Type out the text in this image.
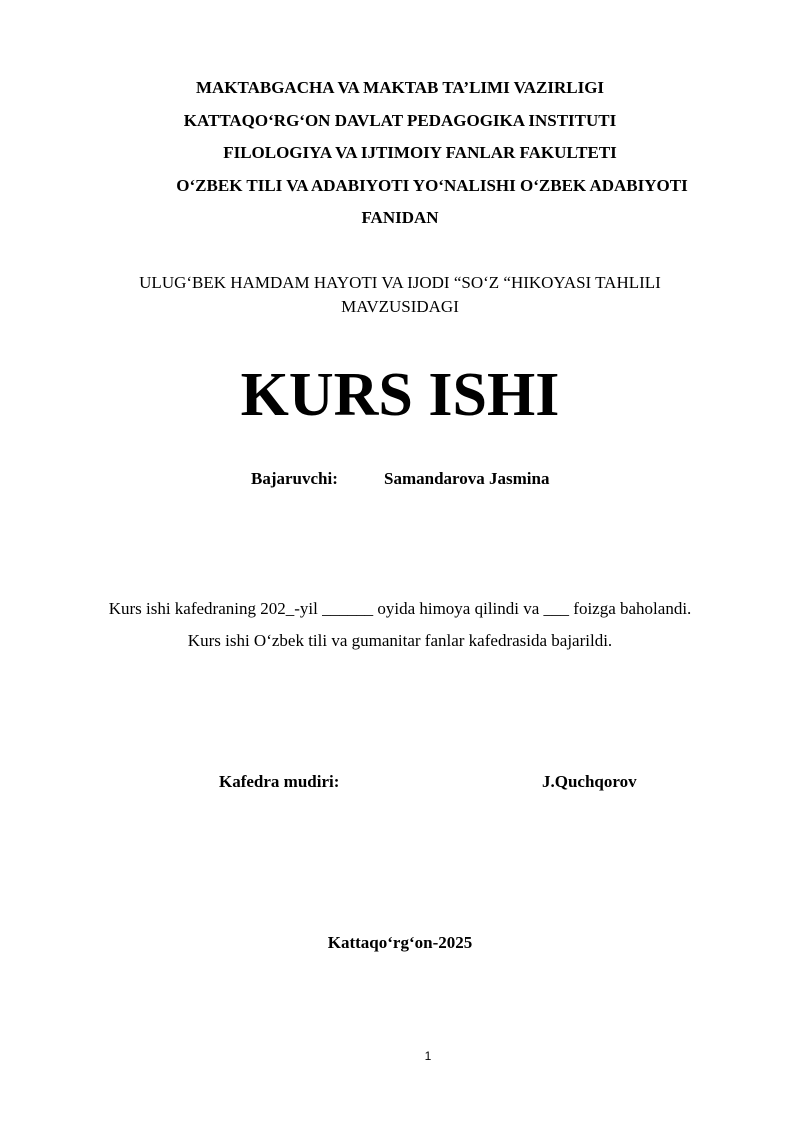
MAKTABGACHA VA MAKTAB TA’LIMI VAZIRLIGI
KATTAQO‘RG‘ON DAVLAT PEDAGOGIKA INSTITUTI
FILOLOGIYA VA IJTIMOIY FANLAR FAKULTETI
O‘ZBEK TILI VA ADABIYOTI YO‘NALISHI O‘ZBEK ADABIYOTI
FANIDAN
ULUG‘BEK HAMDAM HAYOTI VA IJODI “SO‘Z “HIKOYASI TAHLILI
MAVZUSIDAGI
KURS ISHI
Bajaruvchi:	Samandarova Jasmina
Kurs ishi kafedraning 202_-yil ______ oyida himoya qilindi va ___ foizga baholandi.
Kurs ishi O‘zbek tili va gumanitar fanlar kafedrasida bajarildi.
Kafedra mudiri:	J.Quchqorov
Kattaqo‘rg‘on-2025
1
